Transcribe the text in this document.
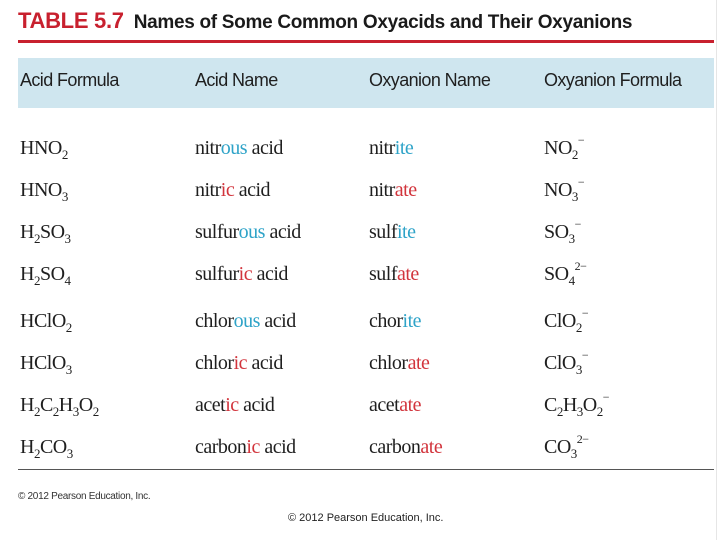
TABLE 5.7 Names of Some Common Oxyacids and Their Oxyanions
Acid Formula	Acid Name	Oxyanion Name	Oxyanion Formula
$HNO_2$	nitrous acid	nitrite	$NO_2^-$
$HNO_3$	nitric acid	nitrate	$NO_3^-$
$H_2SO_3$	sulfurous acid	sulfite	$SO_3^-$
$H_2SO_4$	sulfuric acid	sulfate	$SO_4^{2-}$
HClO$_2$	chlorous acid	chorite	ClO$_2$−
HClO$_3$	chloric acid	chlorate	ClO$_3$−
$H_2C_2H_3O_2$	acetic acid	acetate	$C_2H_3O_2^-$
$H_2CO_3$	carbonic acid	carbonate	$CO_3^{2-}$
© 2012 Pearson Education, Inc.
© 2012 Pearson Education, Inc.
